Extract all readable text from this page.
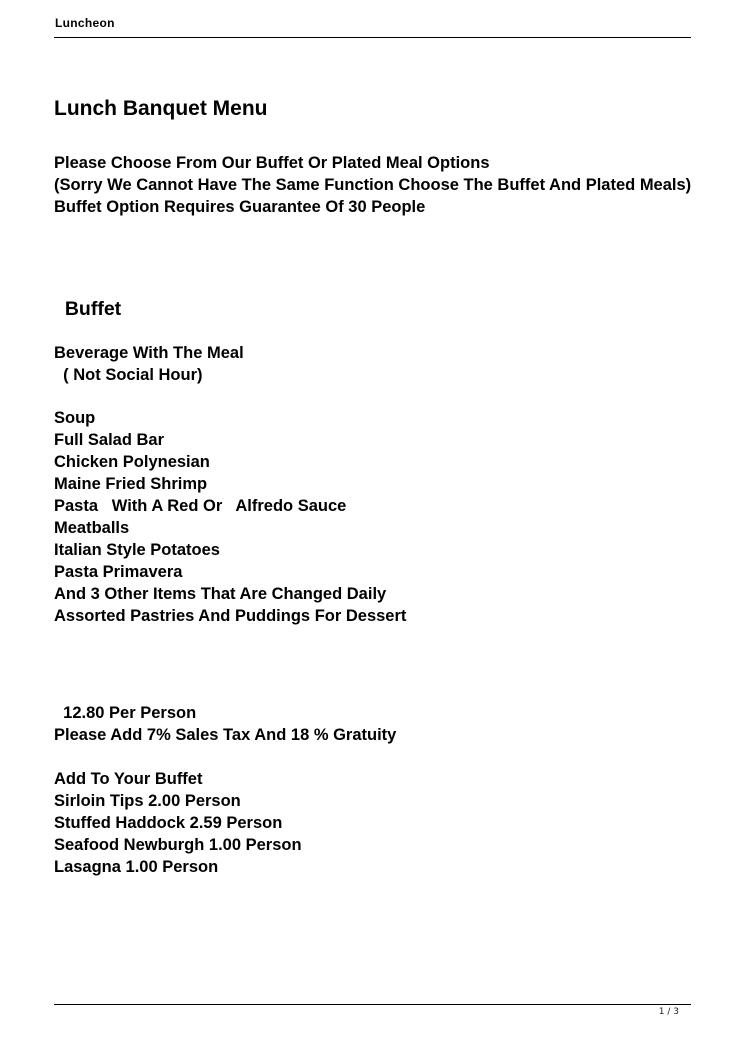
Luncheon
Lunch Banquet Menu
Please Choose From Our Buffet Or Plated Meal Options
(Sorry We Cannot Have The Same Function Choose The Buffet And Plated Meals)
Buffet Option Requires Guarantee Of 30 People
Buffet
Beverage With The Meal
( Not Social Hour)
Soup
Full Salad Bar
Chicken Polynesian
Maine Fried Shrimp
Pasta   With A Red Or   Alfredo Sauce
Meatballs
Italian Style Potatoes
Pasta Primavera
And 3 Other Items That Are Changed Daily
Assorted Pastries And Puddings For Dessert
12.80 Per Person
Please Add 7% Sales Tax And 18 % Gratuity
Add To Your Buffet
Sirloin Tips 2.00 Person
Stuffed Haddock 2.59 Person
Seafood Newburgh 1.00 Person
Lasagna 1.00 Person
1 / 3
